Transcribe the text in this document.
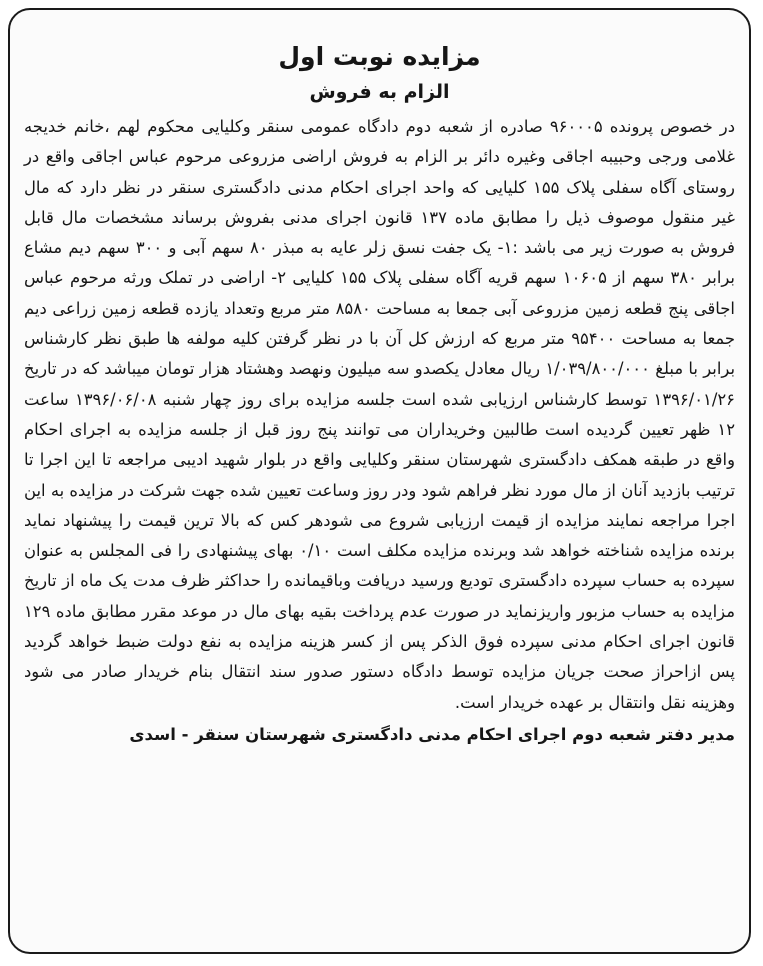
مزایده نوبت اول
الزام به فروش

در خصوص پرونده ۹۶۰۰۰۵ صادره از شعبه دوم دادگاه عمومی سنقر وکلیایی محکوم لهم ،خانم خدیجه غلامی ورجی وحبیبه اجاقی وغیره دائر بر الزام به فروش اراضی مزروعی مرحوم عباس اجاقی واقع در روستای آگاه سفلی پلاک ۱۵۵ کلیایی که واحد اجرای احکام مدنی دادگستری سنقر در نظر دارد که مال غیر منقول موصوف ذیل را مطابق ماده ۱۳۷ قانون اجرای مدنی بفروش برساند مشخصات مال قابل فروش به صورت زیر می باشد :۱- یک جفت نسق زلر عایه به مبذر ۸۰ سهم آبی و ۳۰۰ سهم دیم مشاع برابر ۳۸۰ سهم از ۱۰۶۰۵ سهم قریه آگاه سفلی پلاک ۱۵۵ کلیایی ۲- اراضی در تملک ورثه مرحوم عباس اجاقی پنج قطعه زمین مزروعی آبی جمعا به مساحت ۸۵۸۰ متر مربع وتعداد یازده قطعه زمین زراعی دیم جمعا به مساحت ۹۵۴۰۰ متر مربع که ارزش کل آن با در نظر گرفتن کلیه مولفه ها طبق نظر کارشناس برابر با مبلغ ۱/۰۳۹/۸۰۰/۰۰۰ ریال معادل یکصدو سه میلیون ونهصد وهشتاد هزار تومان میباشد که در تاریخ ۱۳۹۶/۰۱/۲۶ توسط کارشناس ارزیابی شده است جلسه مزایده برای روز چهار شنبه ۱۳۹۶/۰۶/۰۸ ساعت ۱۲ ظهر تعیین گردیده است طالبین وخریداران می توانند پنج روز قبل از جلسه مزایده به اجرای احکام واقع در طبقه همکف دادگستری شهرستان سنقر وکلیایی واقع در بلوار شهید ادیبی مراجعه تا این اجرا تا ترتیب بازدید آنان از مال مورد نظر فراهم شود ودر روز وساعت تعیین شده جهت شرکت در مزایده به این اجرا مراجعه نمایند مزایده از قیمت ارزیابی شروع می شودهر کس که بالا ترین قیمت را پیشنهاد نماید برنده مزایده شناخته خواهد شد وبرنده مزایده مکلف است ۰/۱۰ بهای پیشنهادی را فی المجلس به عنوان سپرده به حساب سپرده دادگستری تودیع ورسید دریافت وباقیمانده را حداکثر ظرف مدت یک ماه از تاریخ مزایده به حساب مزبور واریزنماید در صورت عدم پرداخت بقیه بهای مال در موعد مقرر مطابق ماده ۱۲۹ قانون اجرای احکام مدنی سپرده فوق الذکر پس از کسر هزینه مزایده به نفع دولت ضبط خواهد گردید پس ازاحراز صحت جریان مزایده توسط دادگاه دستور صدور سند انتقال بنام خریدار صادر می شود وهزینه نقل وانتقال بر عهده خریدار است.

مدیر دفتر شعبه دوم اجرای احکام مدنی دادگستری شهرستان سنقر - اسدی
